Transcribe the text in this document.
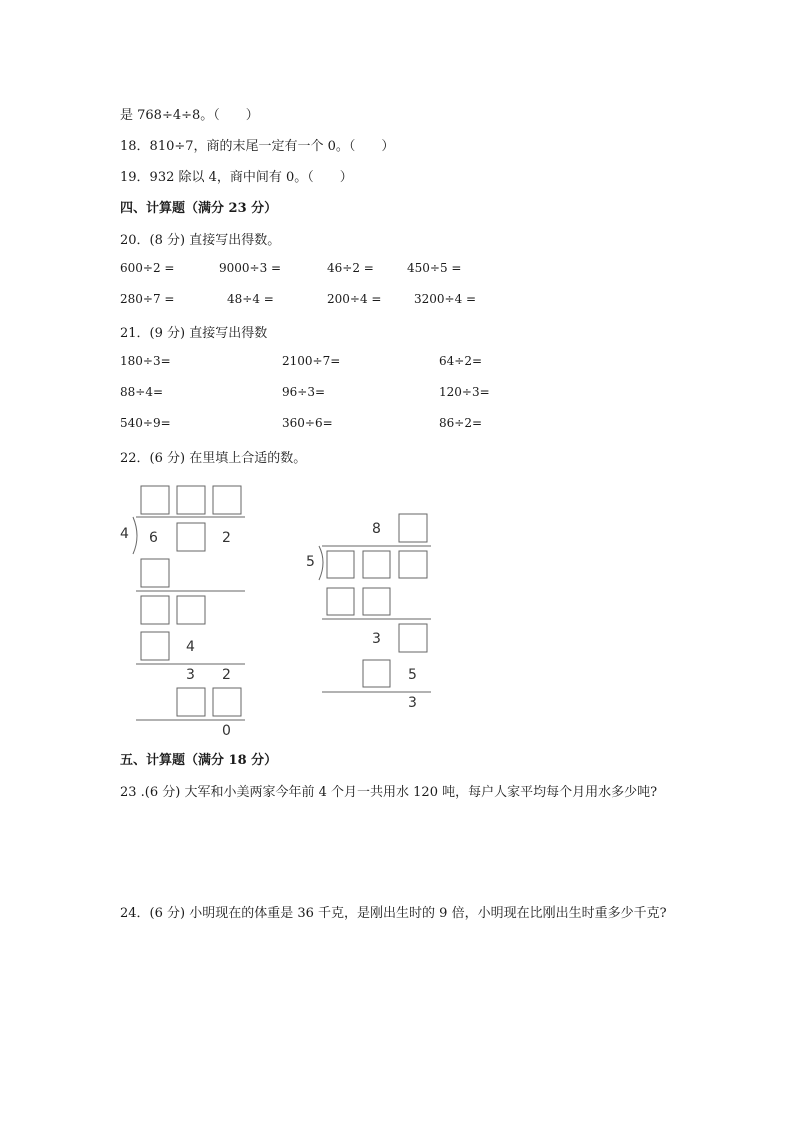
是 768÷4÷8。（　　）
18．810÷7，商的末尾一定有一个 0。（　　）
19．932 除以 4，商中间有 0。（　　）
四、计算题（满分 23 分）
20．(8 分) 直接写出得数。
600÷2 =	9000÷3 =	46÷2 =	450÷5 =
280÷7 =	48÷4 =	200÷4 =	3200÷4 =
21．(9 分) 直接写出得数
180÷3=	2100÷7=	64÷2=
88÷4=	96÷3=	120÷3=
540÷9=	360÷6=	86÷2=
22．(6 分) 在里填上合适的数。
4 6	2
4
3 2
0
8
5
3
5
3
五、计算题（满分 18 分）
23 .(6 分) 大军和小美两家今年前 4 个月一共用水 120 吨，每户人家平均每个月用水多少吨?
24．(6 分) 小明现在的体重是 36 千克，是刚出生时的 9 倍，小明现在比刚出生时重多少千克?
